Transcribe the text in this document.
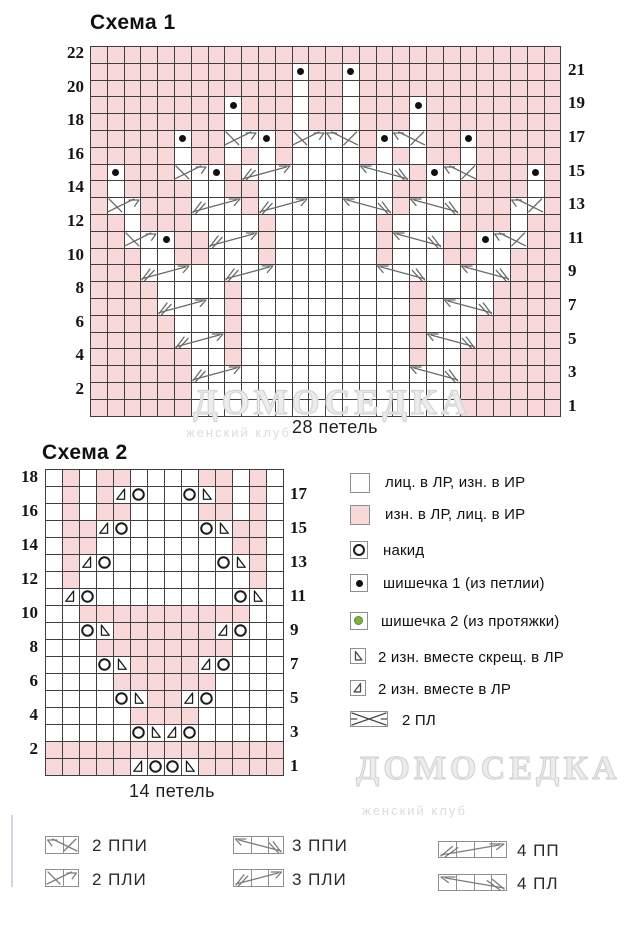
Схема 1
22
20
18
16
14
12
10
8
6
4
2
21
19
17
15
13
11
9
7
5
3
1
28 петель
Схема 2
18
16
14
12
10
8
6
4
2
17
15
13
11
9
7
5
3
1
14 петель
лиц. в ЛР, изн. в ИР
изн. в ЛР, лиц. в ИР
накид
шишечка 1 (из петлии)
шишечка 2 (из протяжки)
2 изн. вместе скрещ. в ЛР
2 изн. вместе в ЛР
2 ПЛ
2 ППИ
2 ПЛИ
3 ППИ
3 ПЛИ
4 ПП
4 ПЛ
ДОМОСЕДКА
женский клуб
ДОМОСЕДКА
женский клуб
